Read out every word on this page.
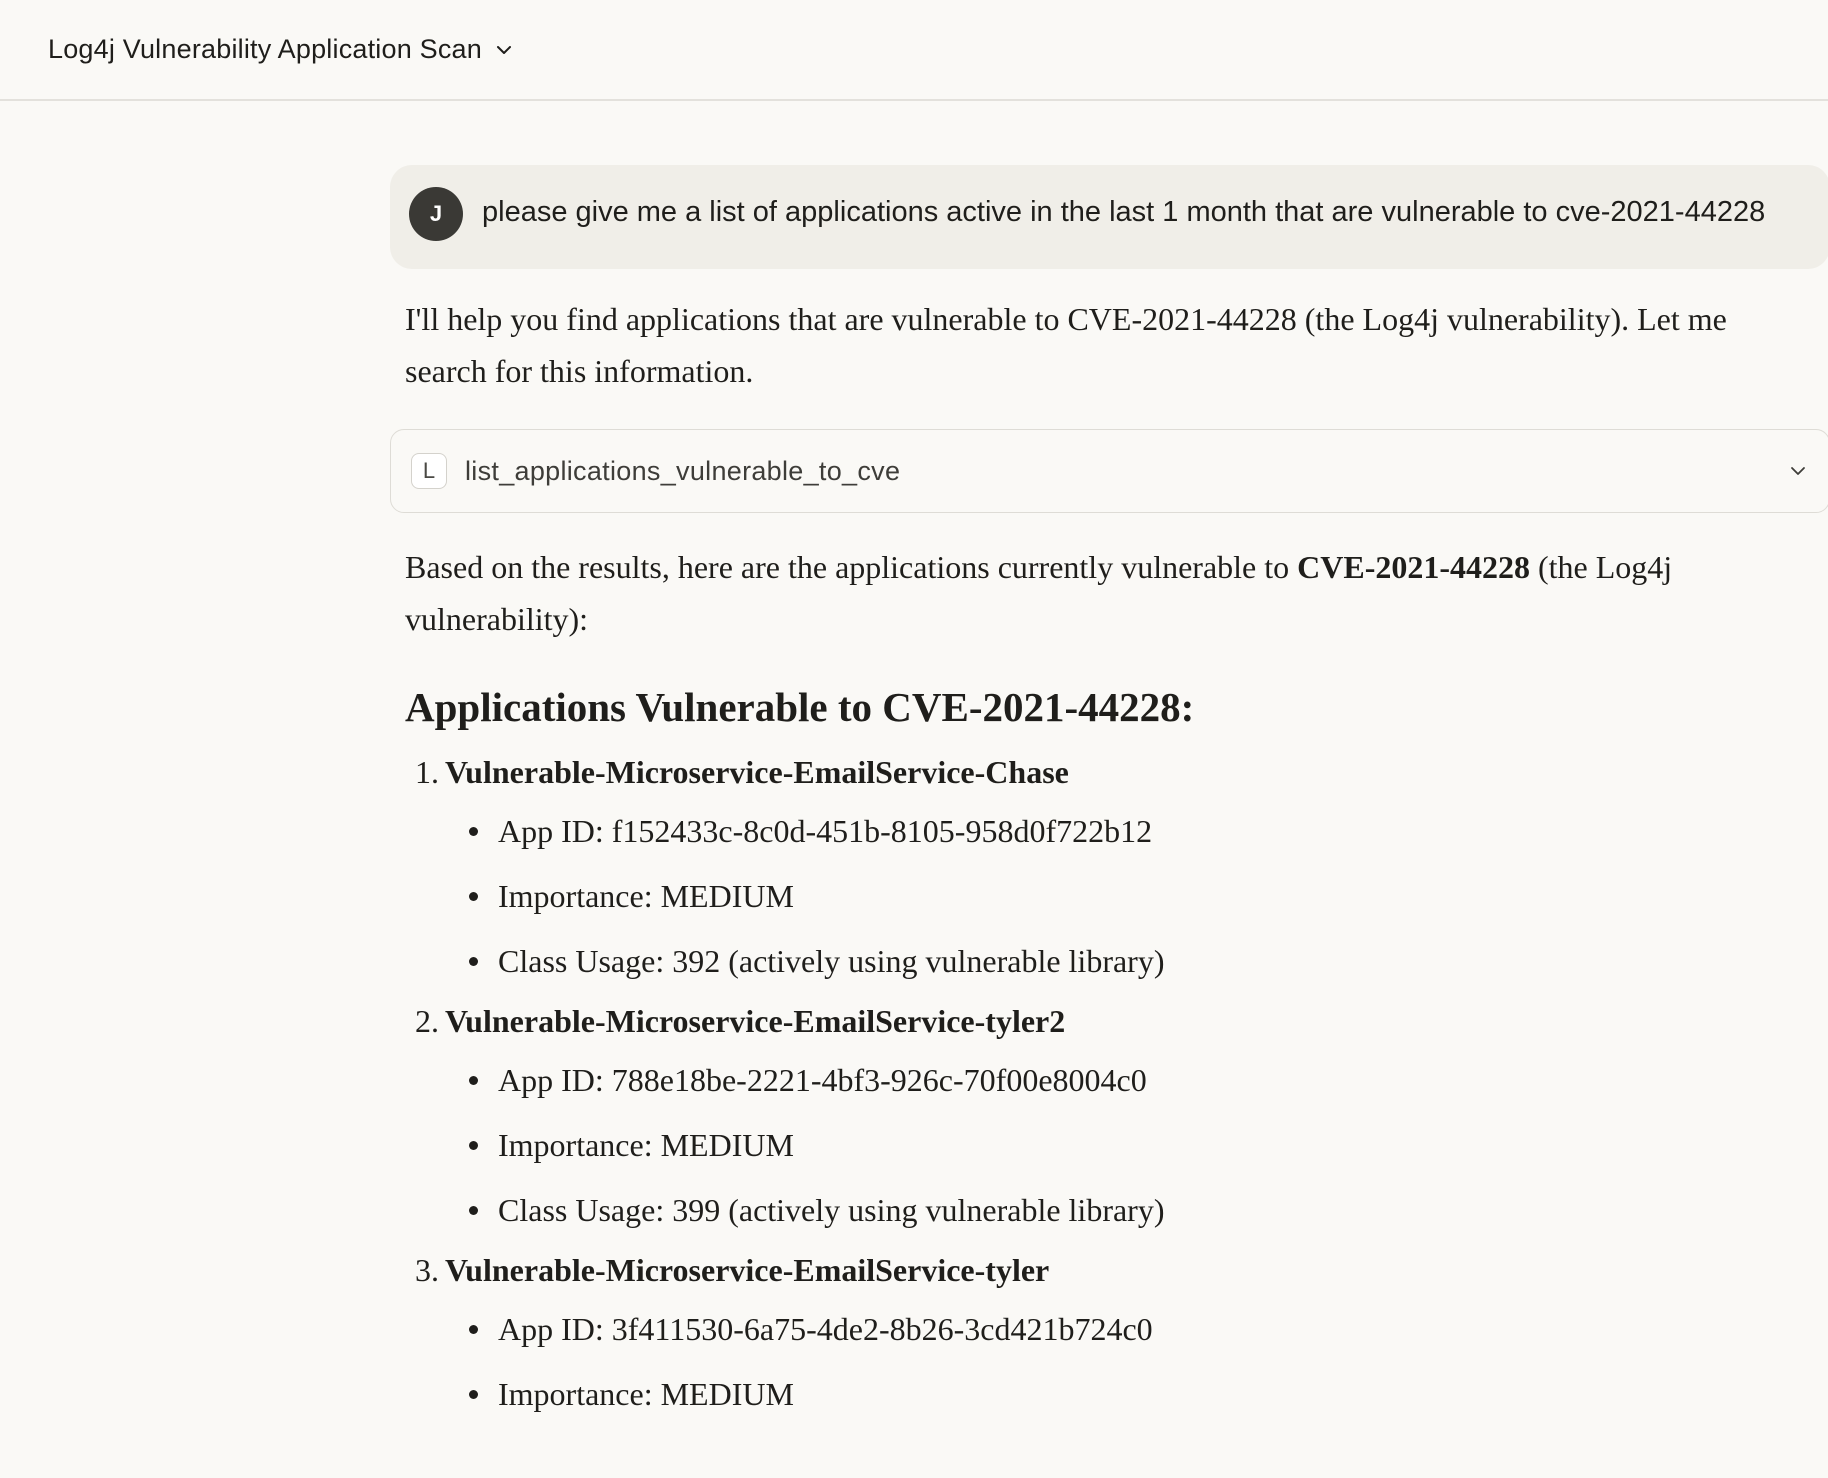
Log4j Vulnerability Application Scan
J	please give me a list of applications active in the last 1 month that are vulnerable to cve-2021-44228

I'll help you find applications that are vulnerable to CVE-2021-44228 (the Log4j vulnerability). Let me search for this information.

L	list_applications_vulnerable_to_cve

Based on the results, here are the applications currently vulnerable to CVE-2021-44228 (the Log4j vulnerability):

Applications Vulnerable to CVE-2021-44228:
1. Vulnerable-Microservice-EmailService-Chase
App ID: f152433c-8c0d-451b-8105-958d0f722b12
Importance: MEDIUM
Class Usage: 392 (actively using vulnerable library)
2. Vulnerable-Microservice-EmailService-tyler2
App ID: 788e18be-2221-4bf3-926c-70f00e8004c0
Importance: MEDIUM
Class Usage: 399 (actively using vulnerable library)
3. Vulnerable-Microservice-EmailService-tyler
App ID: 3f411530-6a75-4de2-8b26-3cd421b724c0
Importance: MEDIUM
